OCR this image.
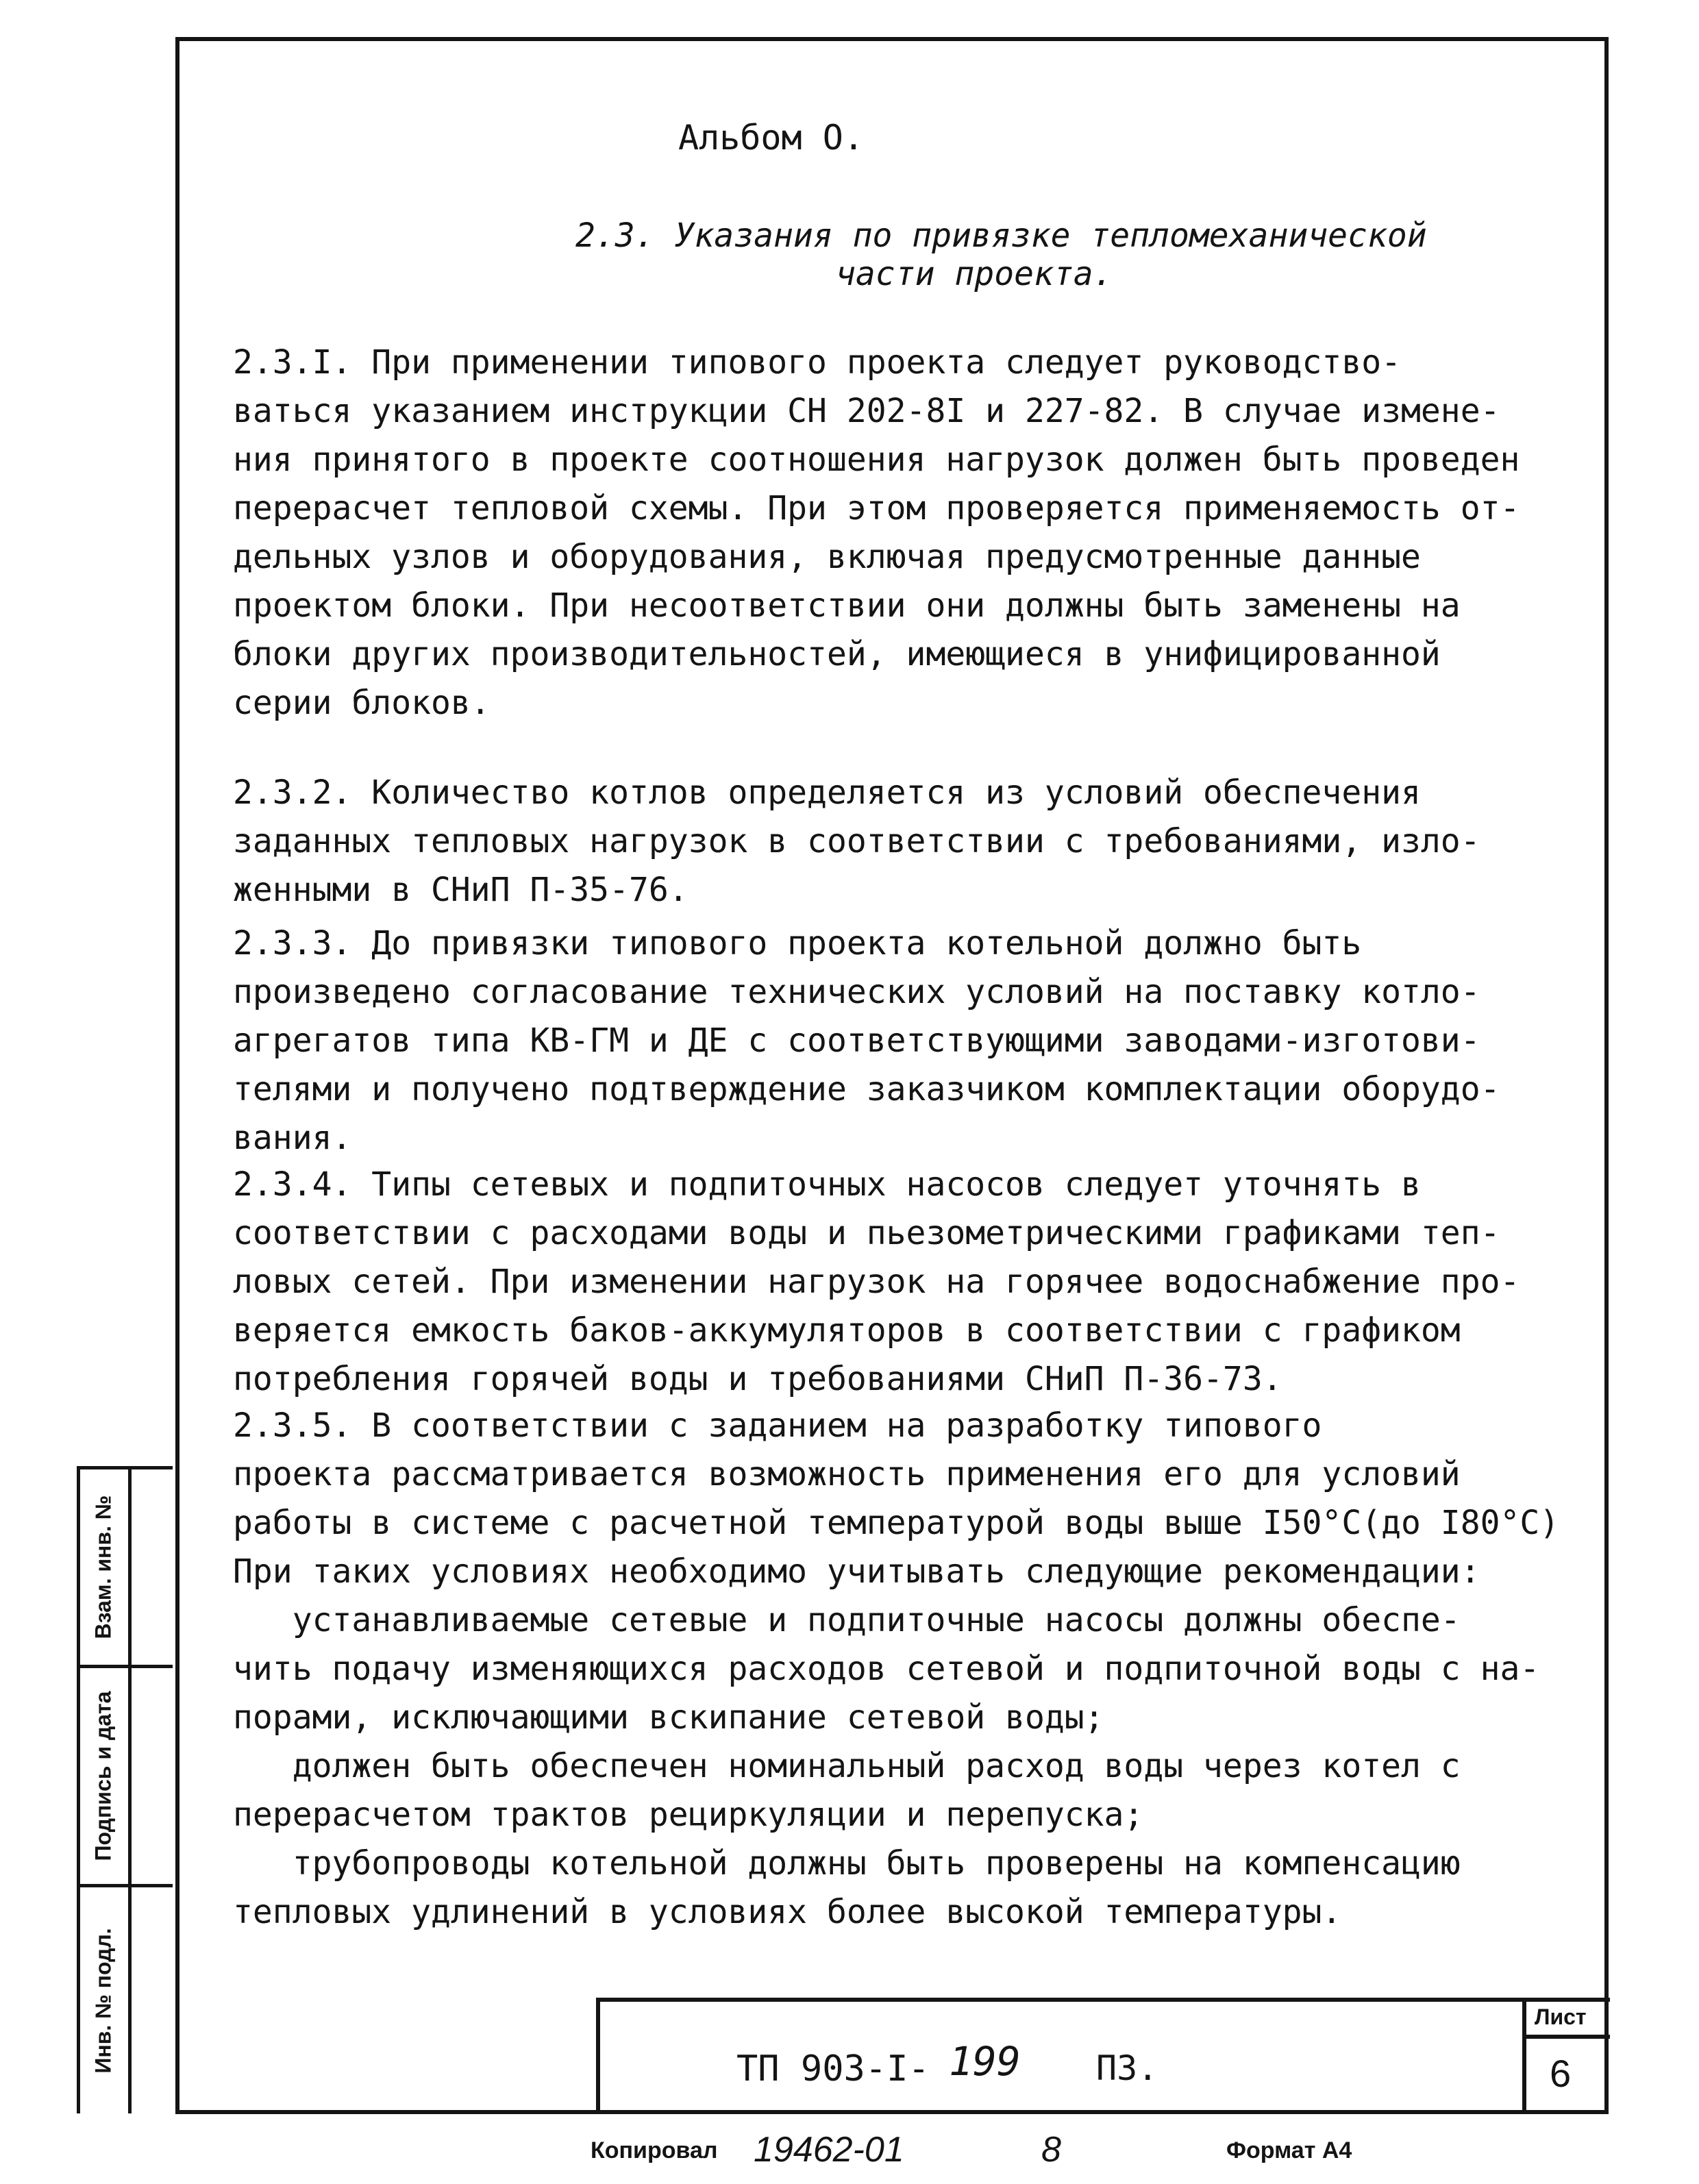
Альбом О.
2.3. Указания по привязке тепломеханической
части проекта.
2.3.I. При применении типового проекта следует руководство-
ваться указанием инструкции СН 202-8I и 227-82. В случае измене-
ния принятого в проекте соотношения нагрузок должен быть проведен
перерасчет тепловой схемы. При этом проверяется применяемость от-
дельных узлов и оборудования, включая предусмотренные данные
проектом блоки. При несоответствии они должны быть заменены на
блоки других производительностей, имеющиеся в унифицированной
серии блоков.
2.3.2. Количество котлов определяется из условий обеспечения
заданных тепловых нагрузок в соответствии с требованиями, изло-
женными в СНиП П-35-76.
2.3.3. До привязки типового проекта котельной должно быть
произведено согласование технических условий на поставку котло-
агрегатов типа КВ-ГМ и ДЕ с соответствующими заводами-изготови-
телями и получено подтверждение заказчиком комплектации оборудо-
вания.
2.3.4. Типы сетевых и подпиточных насосов следует уточнять в
соответствии с расходами воды и пьезометрическими графиками теп-
ловых сетей. При изменении нагрузок на горячее водоснабжение про-
веряется емкость баков-аккумуляторов в соответствии с графиком
потребления горячей воды и требованиями СНиП П-36-73.
2.3.5. В соответствии с заданием на разработку типового
проекта рассматривается возможность применения его для условий
работы в системе с расчетной температурой воды выше I50°С(до I80°С)
При таких условиях необходимо учитывать следующие рекомендации:
устанавливаемые сетевые и подпиточные насосы должны обеспе-
чить подачу изменяющихся расходов сетевой и подпиточной воды с на-
порами, исключающими вскипание сетевой воды;
должен быть обеспечен номинальный расход воды через котел с
перерасчетом трактов рециркуляции и перепуска;
трубопроводы котельной должны быть проверены на компенсацию
тепловых удлинений в условиях более высокой температуры.
Взам. инв. №
Подпись и дата
Инв. № подл.	ТП 903-I- 199 ПЗ.
Лист
6
Копировал 19462-01	8	Формат А4
